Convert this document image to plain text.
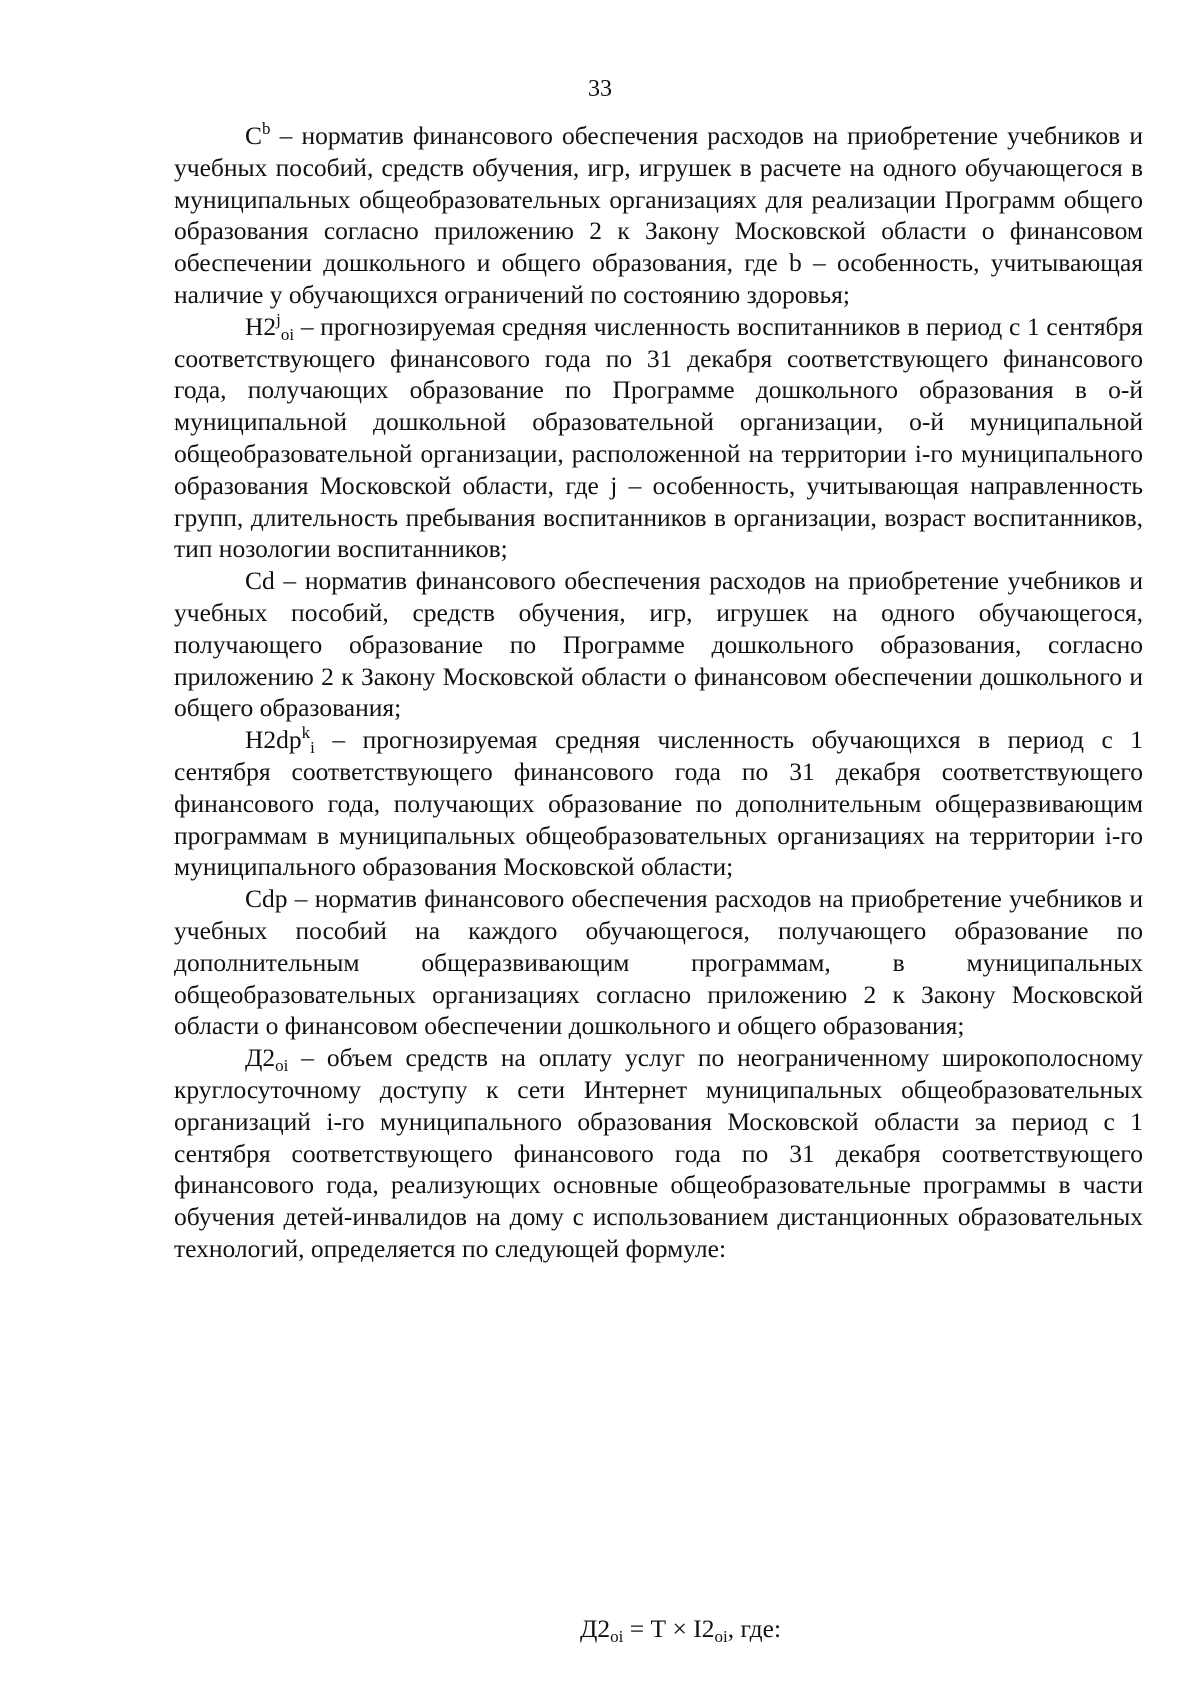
33

$C^b$ – норматив финансового обеспечения расходов на приобретение учебников и учебных пособий, средств обучения, игр, игрушек в расчете на одного обучающегося в муниципальных общеобразовательных организациях для реализации Программ общего образования согласно приложению 2 к Закону Московской области о финансовом обеспечении дошкольного и общего образования, где b – особенность, учитывающая наличие у обучающихся ограничений по состоянию здоровья;

$Н2^j_{oi}$ – прогнозируемая средняя численность воспитанников в период с 1 сентября соответствующего финансового года по 31 декабря соответствующего финансового года, получающих образование по Программе дошкольного образования в о-й муниципальной дошкольной образовательной организации, о-й муниципальной общеобразовательной организации, расположенной на территории i-го муниципального образования Московской области, где j – особенность, учитывающая направленность групп, длительность пребывания воспитанников в организации, возраст воспитанников, тип нозологии воспитанников;

Cd – норматив финансового обеспечения расходов на приобретение учебников и учебных пособий, средств обучения, игр, игрушек на одного обучающегося, получающего образование по Программе дошкольного образования, согласно приложению 2 к Закону Московской области о финансовом обеспечении дошкольного и общего образования;

$Н2dp^k_i$ – прогнозируемая средняя численность обучающихся в период с 1 сентября соответствующего финансового года по 31 декабря соответствующего финансового года, получающих образование по дополнительным общеразвивающим программам в муниципальных общеобразовательных организациях на территории i-го муниципального образования Московской области;

Cdp – норматив финансового обеспечения расходов на приобретение учебников и учебных пособий на каждого обучающегося, получающего образование по дополнительным общеразвивающим программам, в муниципальных общеобразовательных организациях согласно приложению 2 к Закону Московской области о финансовом обеспечении дошкольного и общего образования;

$Д2_{oi}$ – объем средств на оплату услуг по неограниченному широкополосному круглосуточному доступу к сети Интернет муниципальных общеобразовательных организаций i-го муниципального образования Московской области за период с 1 сентября соответствующего финансового года по 31 декабря соответствующего финансового года, реализующих основные общеобразовательные программы в части обучения детей-инвалидов на дому с использованием дистанционных образовательных технологий, определяется по следующей формуле:

$Д2_{oi} = Т \times I2_{oi}$, где:
